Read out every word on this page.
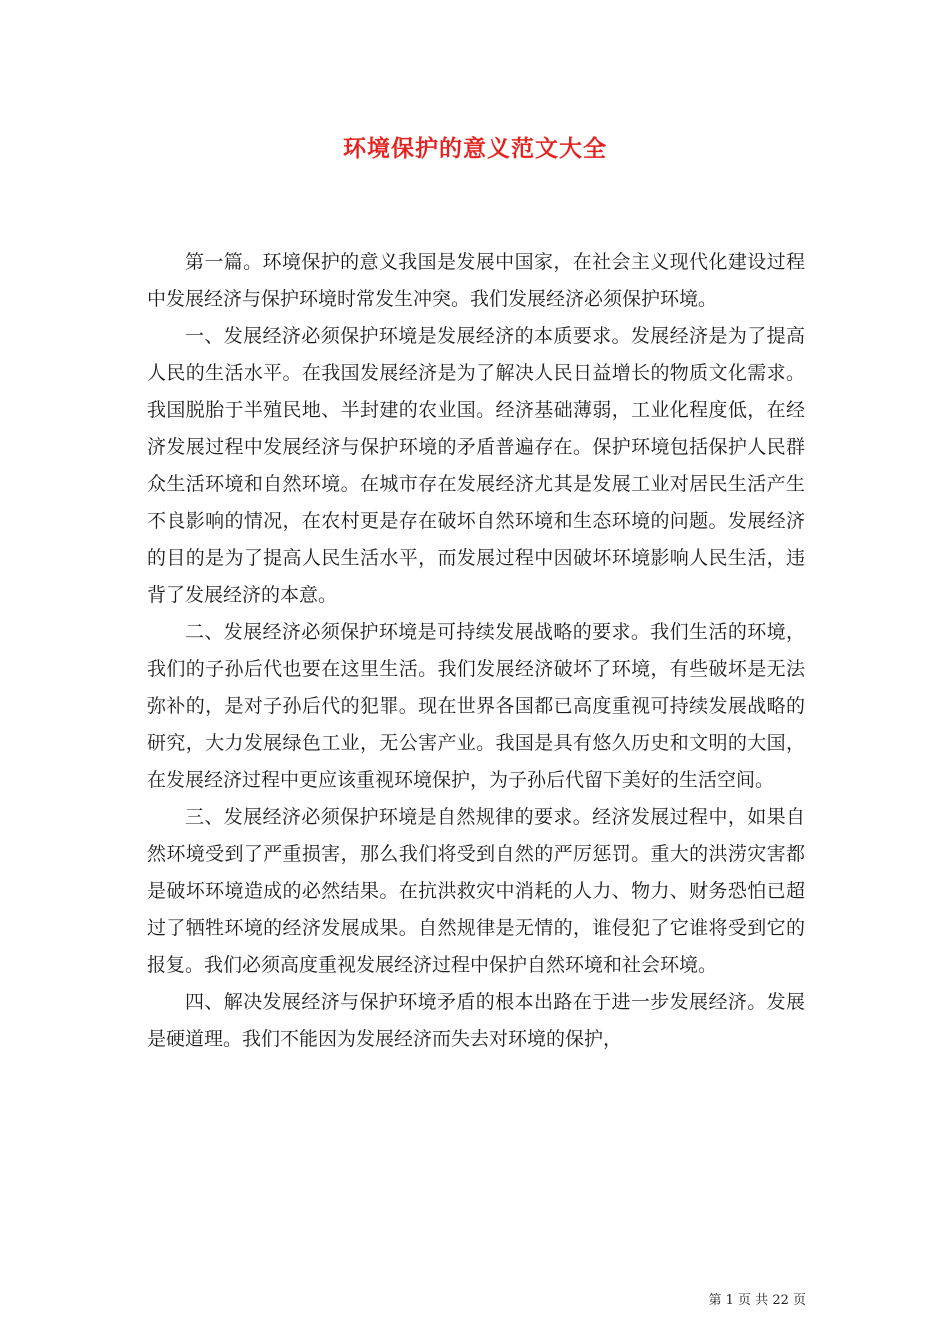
环境保护的意义范文大全

第一篇。环境保护的意义我国是发展中国家，在社会主义现代化建设过程中发展经济与保护环境时常发生冲突。我们发展经济必须保护环境。

一、发展经济必须保护环境是发展经济的本质要求。发展经济是为了提高人民的生活水平。在我国发展经济是为了解决人民日益增长的物质文化需求。我国脱胎于半殖民地、半封建的农业国。经济基础薄弱，工业化程度低，在经济发展过程中发展经济与保护环境的矛盾普遍存在。保护环境包括保护人民群众生活环境和自然环境。在城市存在发展经济尤其是发展工业对居民生活产生不良影响的情况，在农村更是存在破坏自然环境和生态环境的问题。发展经济的目的是为了提高人民生活水平，而发展过程中因破坏环境影响人民生活，违背了发展经济的本意。

二、发展经济必须保护环境是可持续发展战略的要求。我们生活的环境，我们的子孙后代也要在这里生活。我们发展经济破坏了环境，有些破坏是无法弥补的，是对子孙后代的犯罪。现在世界各国都已高度重视可持续发展战略的研究，大力发展绿色工业，无公害产业。我国是具有悠久历史和文明的大国，在发展经济过程中更应该重视环境保护，为子孙后代留下美好的生活空间。

三、发展经济必须保护环境是自然规律的要求。经济发展过程中，如果自然环境受到了严重损害，那么我们将受到自然的严厉惩罚。重大的洪涝灾害都是破坏环境造成的必然结果。在抗洪救灾中消耗的人力、物力、财务恐怕已超过了牺牲环境的经济发展成果。自然规律是无情的，谁侵犯了它谁将受到它的报复。我们必须高度重视发展经济过程中保护自然环境和社会环境。

四、解决发展经济与保护环境矛盾的根本出路在于进一步发展经济。发展是硬道理。我们不能因为发展经济而失去对环境的保护，

第 1 页 共 22 页
